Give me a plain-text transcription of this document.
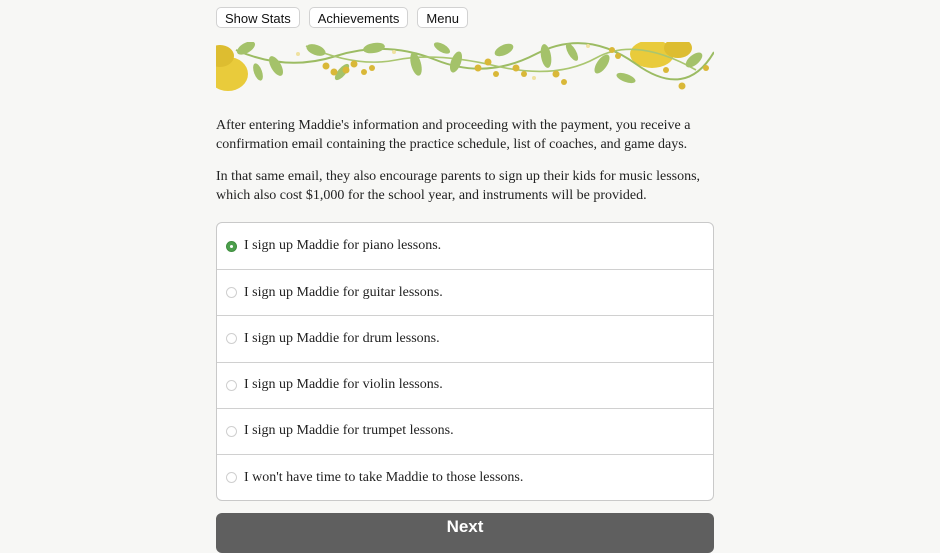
Show Stats	Achievements	Menu

After entering Maddie's information and proceeding with the payment, you receive a confirmation email containing the practice schedule, list of coaches, and game days.

In that same email, they also encourage parents to sign up their kids for music lessons, which also cost $1,000 for the school year, and instruments will be provided.

I sign up Maddie for piano lessons.
I sign up Maddie for guitar lessons.
I sign up Maddie for drum lessons.
I sign up Maddie for violin lessons.
I sign up Maddie for trumpet lessons.
I won't have time to take Maddie to those lessons.
Next
